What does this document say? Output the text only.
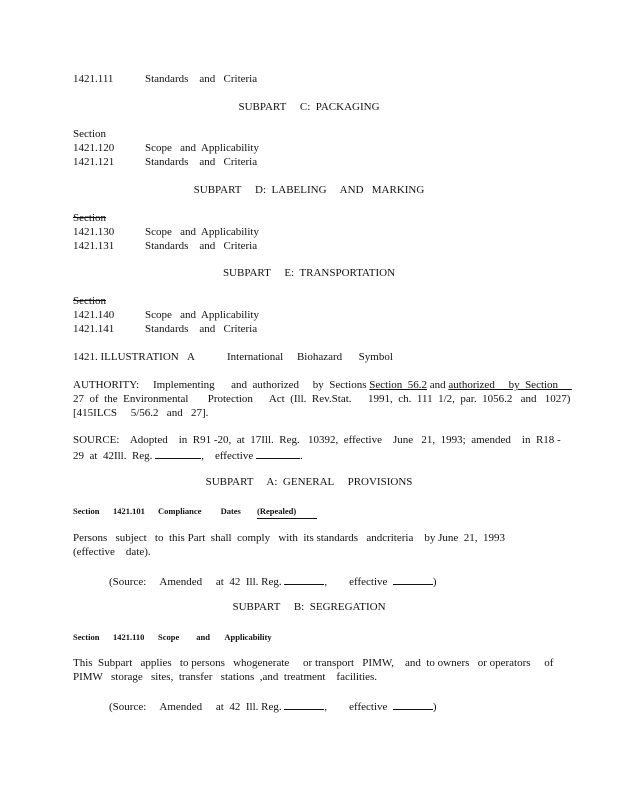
1421.111	Standards    and   Criteria
SUBPART     C:  PACKAGING
Section
1421.120	Scope   and  Applicability
1421.121	Standards    and   Criteria
SUBPART     D:  LABELING     AND   MARKING
Section
1421.130	Scope   and  Applicability
1421.131	Standards    and   Criteria
SUBPART     E:  TRANSPORTATION
Section
1421.140	Scope   and  Applicability
1421.141	Standards    and   Criteria
1421. ILLUSTRATION A	International     Biohazard      Symbol
AUTHORITY:     Implementing      and  authorized     by  Sections Section  56.2 and authorized     by  Section
27  of  the  Environmental       Protection      Act  (Ill.  Rev.Stat.      1991,  ch.  111  1/2,  par.  1056.2   and   1027)
[415ILCS     5/56.2   and   27].
SOURCE:    Adopted    in  R91 -20,  at  17Ill.  Reg.   10392,  effective    June   21,  1993;  amended    in  R18 -
29  at  42Ill.  Reg.	,    effective	.
SUBPART     A:  GENERAL     PROVISIONS
Section 1421.101 Compliance         Dates (Repealed)
Persons   subject   to  this Part  shall  comply   with  its standards   andcriteria    by June  21,  1993
(effective    date).
(Source:     Amended     at  42  Ill. Reg.	,        effective	)
SUBPART     B:  SEGREGATION
Section 1421.110 Scope        and       Applicability
This  Subpart   applies   to persons   whogenerate     or transport   PIMW,    and  to owners   or operators     of
PIMW   storage   sites,  transfer   stations  ,and  treatment    facilities.
(Source:     Amended     at  42  Ill. Reg.	,        effective	)
